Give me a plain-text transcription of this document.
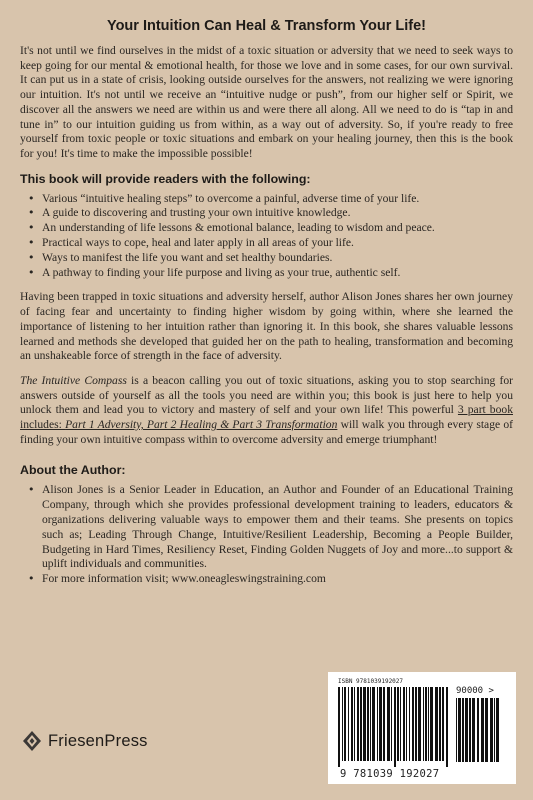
Your Intuition Can Heal & Transform Your Life!

It's not until we find ourselves in the midst of a toxic situation or adversity that we need to seek ways to keep going for our mental & emotional health, for those we love and in some cases, for our own survival. It can put us in a state of crisis, looking outside ourselves for the answers, not realizing we were ignoring our intuition. It's not until we receive an “intuitive nudge or push”, from our higher self or Spirit, we discover all the answers we need are within us and were there all along. All we need to do is “tap in and tune in” to our intuition guiding us from within, as a way out of adversity. So, if you're ready to free yourself from toxic people or toxic situations and embark on your healing journey, then this is the book for you! It's time to make the impossible possible!

This book will provide readers with the following:
• Various “intuitive healing steps” to overcome a painful, adverse time of your life.
• A guide to discovering and trusting your own intuitive knowledge.
• An understanding of life lessons & emotional balance, leading to wisdom and peace.
• Practical ways to cope, heal and later apply in all areas of your life.
• Ways to manifest the life you want and set healthy boundaries.
• A pathway to finding your life purpose and living as your true, authentic self.

Having been trapped in toxic situations and adversity herself, author Alison Jones shares her own journey of facing fear and uncertainty to finding higher wisdom by going within, where she learned the importance of listening to her intuition rather than ignoring it. In this book, she shares valuable lessons learned and methods she developed that guided her on the path to healing, transformation and becoming an unshakeable force of strength in the face of adversity.

The Intuitive Compass is a beacon calling you out of toxic situations, asking you to stop searching for answers outside of yourself as all the tools you need are within you; this book is just here to help you unlock them and lead you to victory and mastery of self and your own life! This powerful 3 part book includes: Part 1 Adversity, Part 2 Healing & Part 3 Transformation will walk you through every stage of finding your own intuitive compass within to overcome adversity and emerge triumphant!

About the Author:
• Alison Jones is a Senior Leader in Education, an Author and Founder of an Educational Training Company, through which she provides professional development training to leaders, educators & organizations delivering valuable ways to empower them and their teams. She presents on topics such as; Leading Through Change, Intuitive/Resilient Leadership, Becoming a People Builder, Budgeting in Hard Times, Resiliency Reset, Finding Golden Nuggets of Joy and more...to support & uplift individuals and communities.
• For more information visit; www.oneagleswingstraining.com
FriesenPress
ISBN 9781039192027
90000 >
9 781039 192027
